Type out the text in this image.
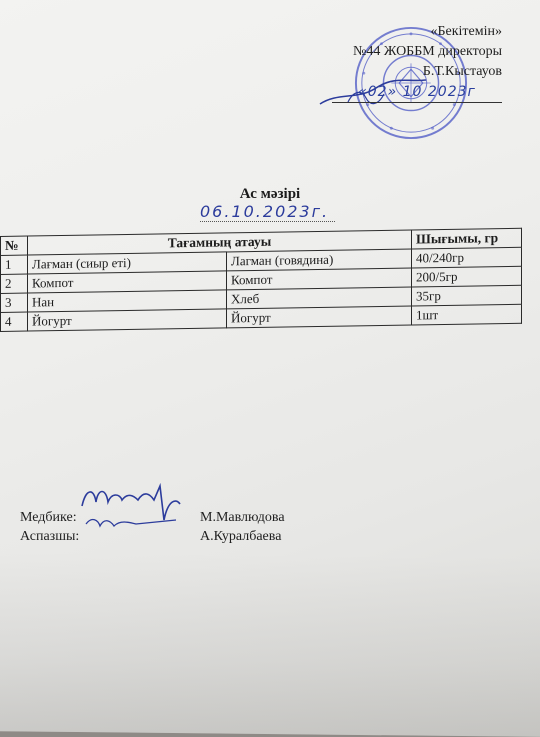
«Бекітемін»
№44 ЖОББМ директоры
Б.Т.Кыстауов
«02» 10 2023г
Ас мәзірі
06.10.2023г.
№	Тағамның атауы		Шығымы, гр
1	Лағман (сиыр еті)	Лагман (говядина)	40/240гр
2	Компот	Компот	200/5гр
3	Нан	Хлеб	35гр
4	Йогурт	Йогурт	1шт
Медбике:	М.Мавлюдова
Аспазшы:	А.Куралбаева
